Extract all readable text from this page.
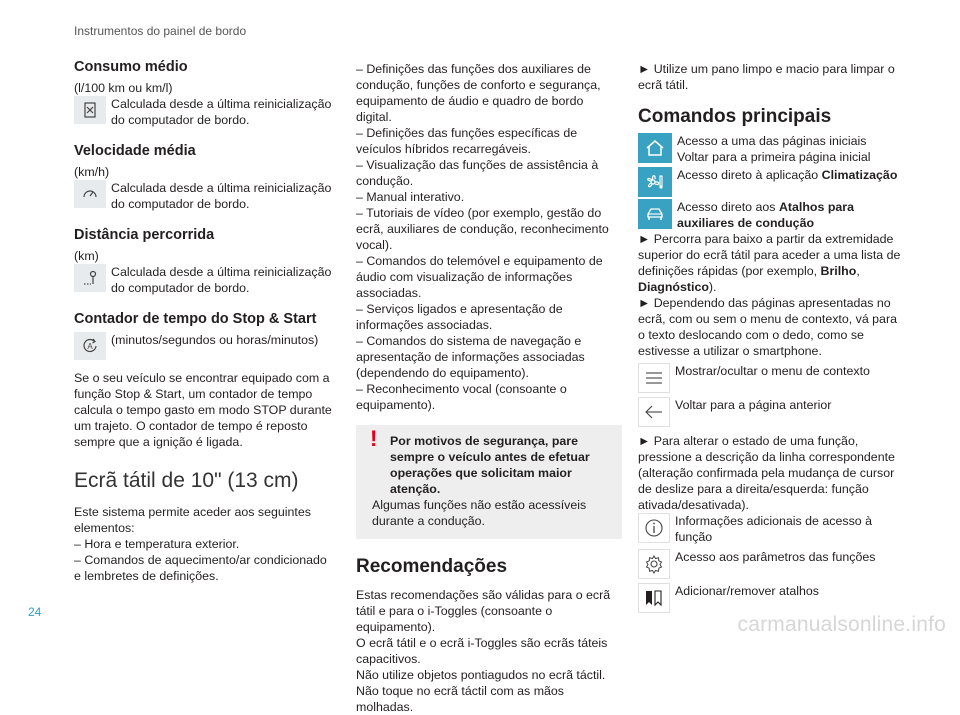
Instrumentos do painel de bordo
Consumo médio

(l/100 km ou km/l)

Calculada desde a última reinicialização do computador de bordo.

Velocidade média

(km/h)

Calculada desde a última reinicialização do computador de bordo.

Distância percorrida

(km)

Calculada desde a última reinicialização do computador de bordo.

Contador de tempo do Stop & Start
A (minutos/segundos ou horas/minutos)

Se o seu veículo se encontrar equipado com a função Stop & Start, um contador de tempo calcula o tempo gasto em modo STOP durante um trajeto. O contador de tempo é reposto sempre que a ignição é ligada.

Ecrã tátil de 10" (13 cm)

Este sistema permite aceder aos seguintes elementos:

– Hora e temperatura exterior.

– Comandos de aquecimento/ar condicionado e lembretes de definições.

– Definições das funções dos auxiliares de condução, funções de conforto e segurança, equipamento de áudio e quadro de bordo digital.

– Definições das funções específicas de veículos híbridos recarregáveis.

– Visualização das funções de assistência à condução.

– Manual interativo.

– Tutoriais de vídeo (por exemplo, gestão do ecrã, auxiliares de condução, reconhecimento vocal).

– Comandos do telemóvel e equipamento de áudio com visualização de informações associadas.

– Serviços ligados e apresentação de informações associadas.

– Comandos do sistema de navegação e apresentação de informações associadas (dependendo do equipamento).

– Reconhecimento vocal (consoante o equipamento).

!	Por motivos de segurança, pare sempre o veículo antes de efetuar operações que solicitam maior atenção.

Algumas funções não estão acessíveis durante a condução.

Recomendações

Estas recomendações são válidas para o ecrã tátil e para o i-Toggles (consoante o equipamento).

O ecrã tátil e o ecrã i-Toggles são ecrãs táteis capacitivos.

Não utilize objetos pontiagudos no ecrã táctil.

Não toque no ecrã táctil com as mãos molhadas.

► Utilize um pano limpo e macio para limpar o ecrã tátil.

Comandos principais

Acesso a uma das páginas iniciais

Voltar para a primeira página inicial

Acesso direto à aplicação Climatização

Acesso direto aos Atalhos para auxiliares de condução

► Percorra para baixo a partir da extremidade superior do ecrã tátil para aceder a uma lista de definições rápidas (por exemplo, Brilho, Diagnóstico).

► Dependendo das páginas apresentadas no ecrã, com ou sem o menu de contexto, vá para o texto deslocando com o dedo, como se estivesse a utilizar o smartphone.

Mostrar/ocultar o menu de contexto

Voltar para a página anterior

► Para alterar o estado de uma função, pressione a descrição da linha correspondente (alteração confirmada pela mudança de cursor de deslize para a direita/esquerda: função ativada/desativada).

Informações adicionais de acesso à função

Acesso aos parâmetros das funções

Adicionar/remover atalhos

24
carmanualsonline.info
